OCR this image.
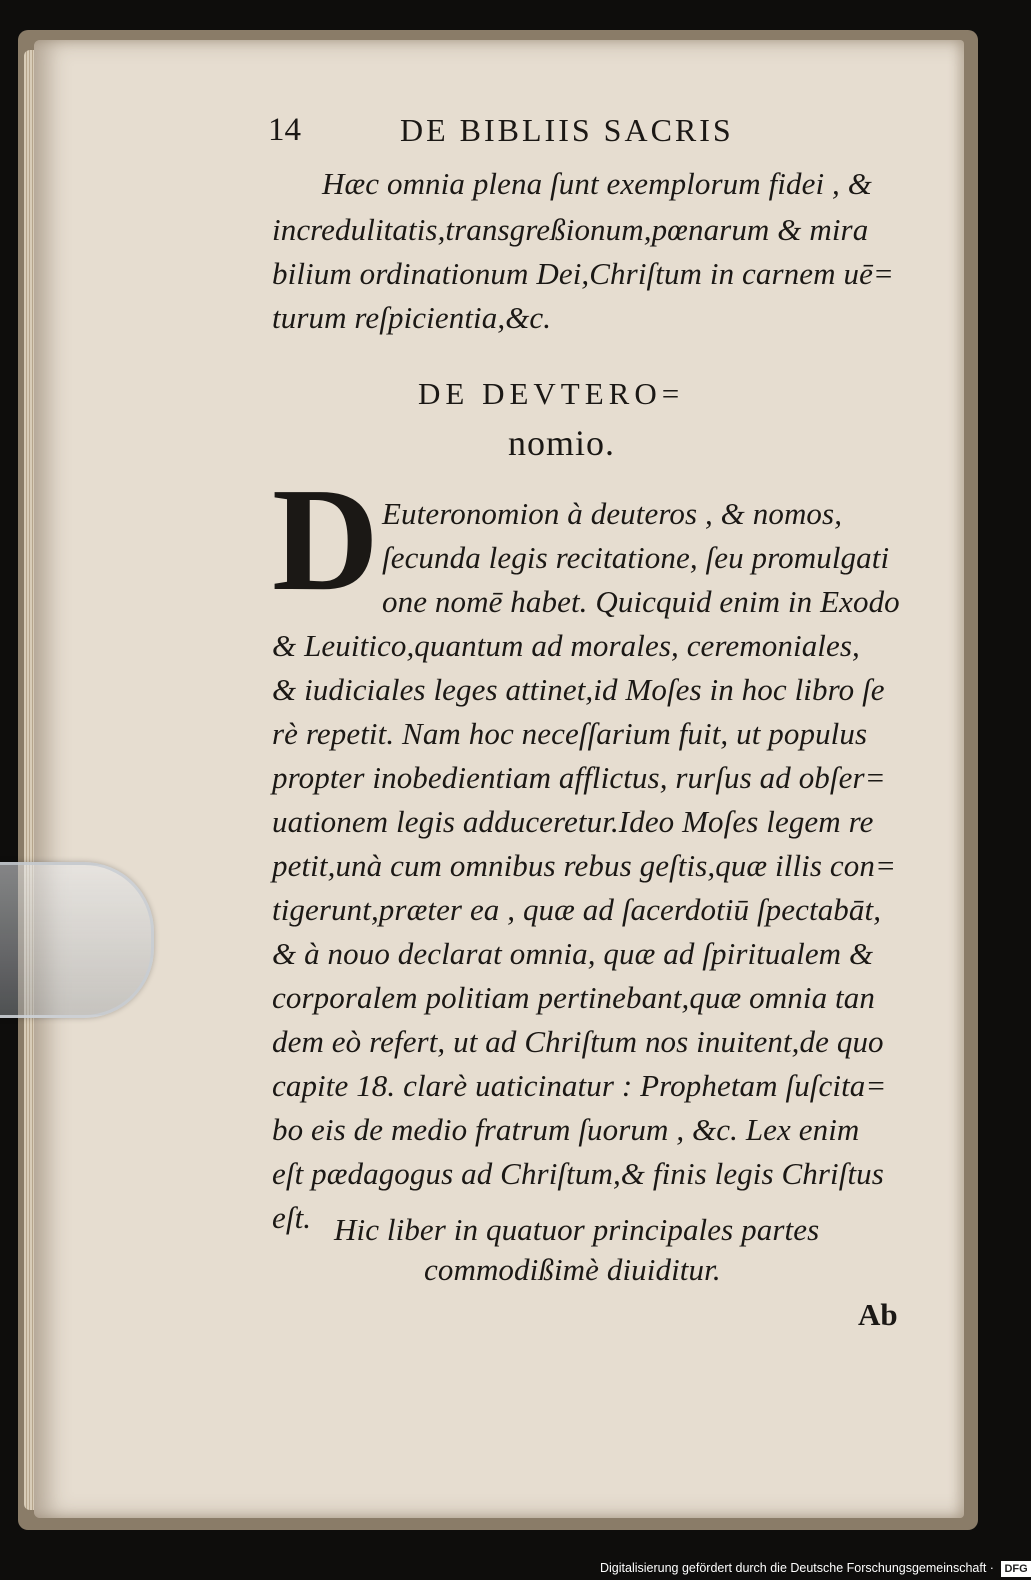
14	DE BIBLIIS SACRIS
Hæc omnia plena ſunt exemplorum fidei , &
incredulitatis,transgreßionum,pœnarum & mira
bilium ordinationum Dei,Chriſtum in carnem uē=
turum reſpicientia,&c.
DE DEVTERO=
nomio.
D Euteronomion à deuteros , & nomos,
ſecunda legis recitatione, ſeu promulgati
one nomē habet. Quicquid enim in Exodo
& Leuitico,quantum ad morales, ceremoniales,
& iudiciales leges attinet,id Moſes in hoc libro ſe
rè repetit. Nam hoc neceſſarium fuit, ut populus
propter inobedientiam afflictus, rurſus ad obſer=
uationem legis adduceretur.Ideo Moſes legem re
petit,unà cum omnibus rebus geſtis,quæ illis con=
tigerunt,præter ea , quæ ad ſacerdotiū ſpectabāt,
& à nouo declarat omnia, quæ ad ſpiritualem &
corporalem politiam pertinebant,quæ omnia tan
dem eò refert, ut ad Chriſtum nos inuitent,de quo
capite 18. clarè uaticinatur : Prophetam ſuſcita=
bo eis de medio fratrum ſuorum , &c. Lex enim
eſt pædagogus ad Chriſtum,& finis legis Chriſtus
eſt. Hic liber in quatuor principales partes
commodißimè diuiditur.
Ab
Digitalisierung gefördert durch die Deutsche Forschungsgemeinschaft · DFG
